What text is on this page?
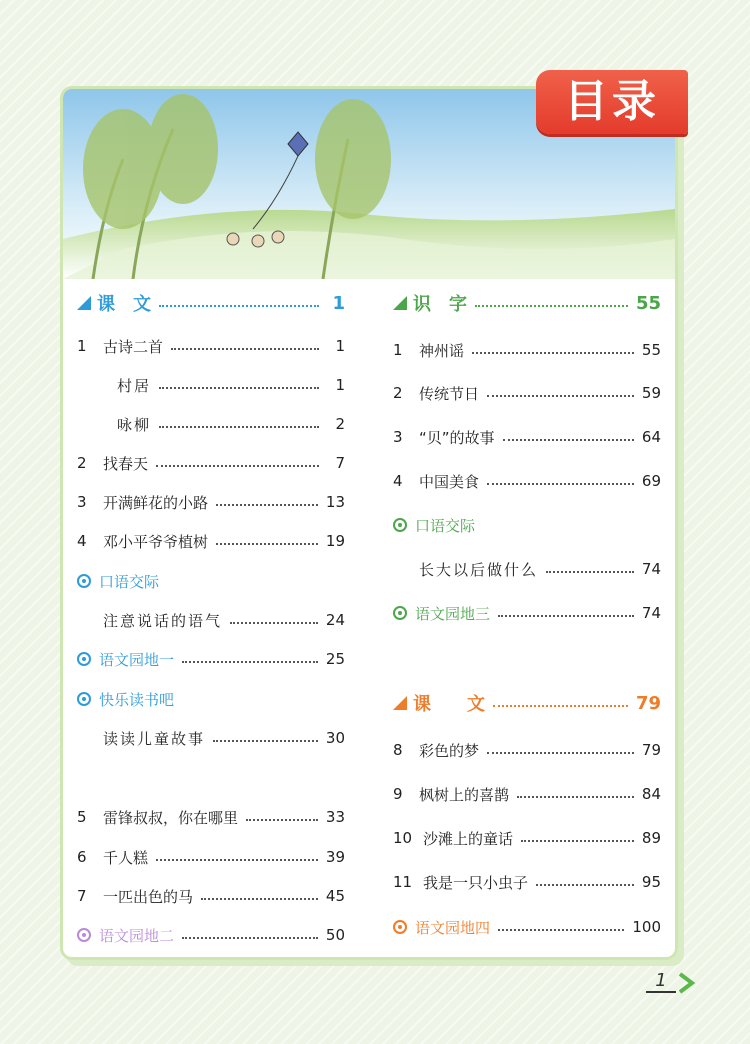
课　文	1
1	古诗二首	1
村居	1
咏柳	2
2	找春天	7
3	开满鲜花的小路	13
4	邓小平爷爷植树	19
口语交际
注意说话的语气	24
语文园地一	25
快乐读书吧
读读儿童故事	30
5	雷锋叔叔，你在哪里	33
6	千人糕	39
7	一匹出色的马	45
语文园地二	50
识　字	55
1	神州谣	55
2	传统节日	59
3	“贝”的故事	64
4	中国美食	69
口语交际
长大以后做什么	74
语文园地三	74
课　　文	79
8	彩色的梦	79
9	枫树上的喜鹊	84
10 沙滩上的童话	89
11 我是一只小虫子	95
语文园地四	100
目录
1
